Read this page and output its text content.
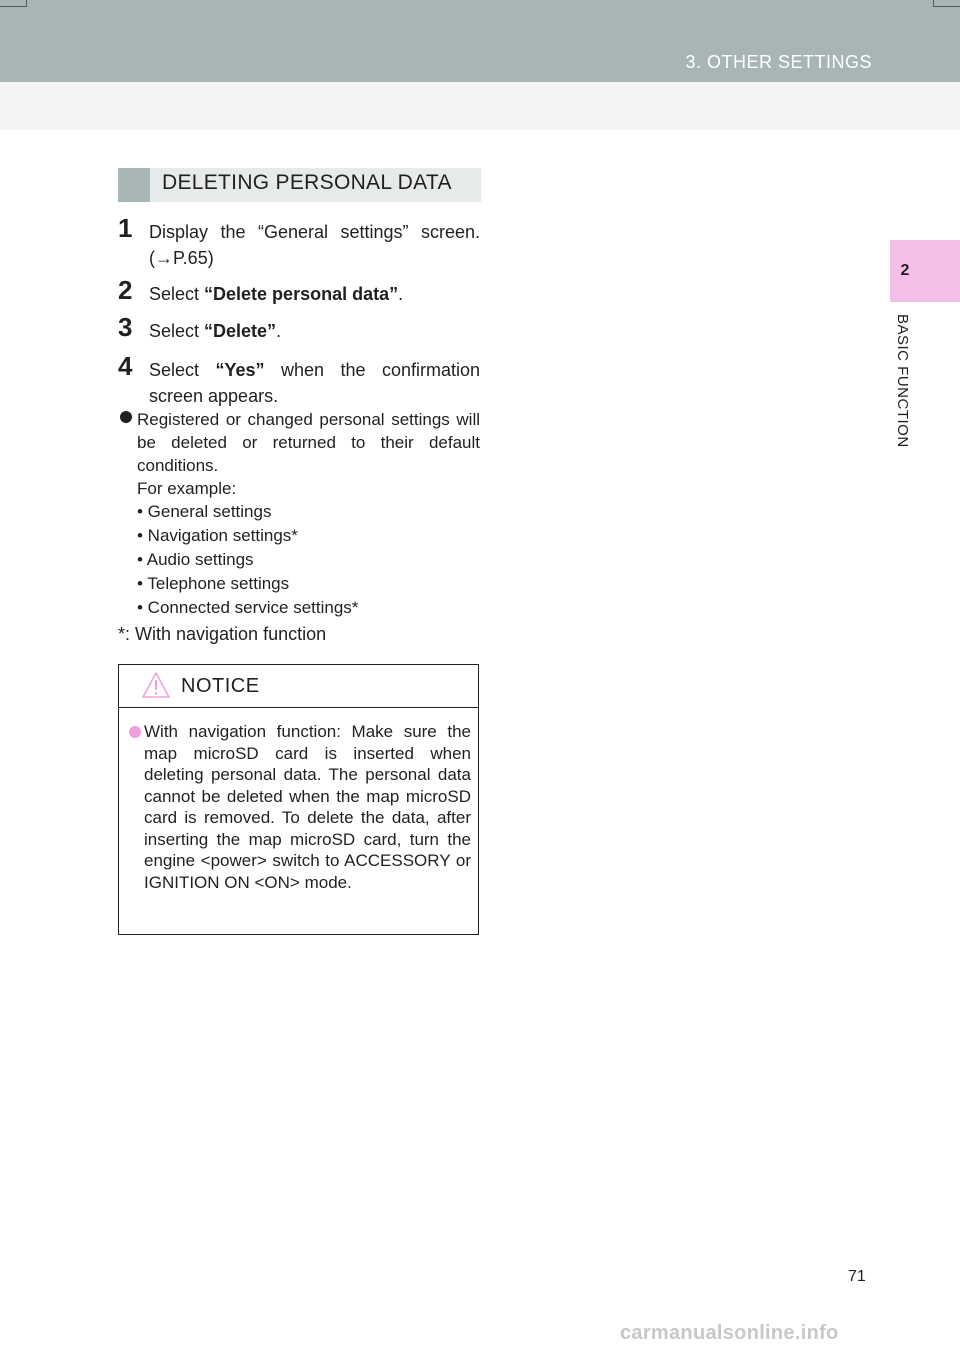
3. OTHER SETTINGS
2
BASIC FUNCTION
DELETING PERSONAL DATA
1 Display the “General settings” screen. (→P.65)
2 Select “Delete personal data”.
3 Select “Delete”.
4 Select “Yes” when the confirmation screen appears.
Registered or changed personal settings will be deleted or returned to their default conditions.
For example:
• General settings
• Navigation settings*
• Audio settings
• Telephone settings
• Connected service settings*
*: With navigation function
NOTICE
With navigation function: Make sure the map microSD card is inserted when deleting personal data. The personal data cannot be deleted when the map microSD card is removed. To delete the data, after inserting the map microSD card, turn the engine <power> switch to ACCESSORY or IGNITION ON <ON> mode.
71
carmanualsonline.info
